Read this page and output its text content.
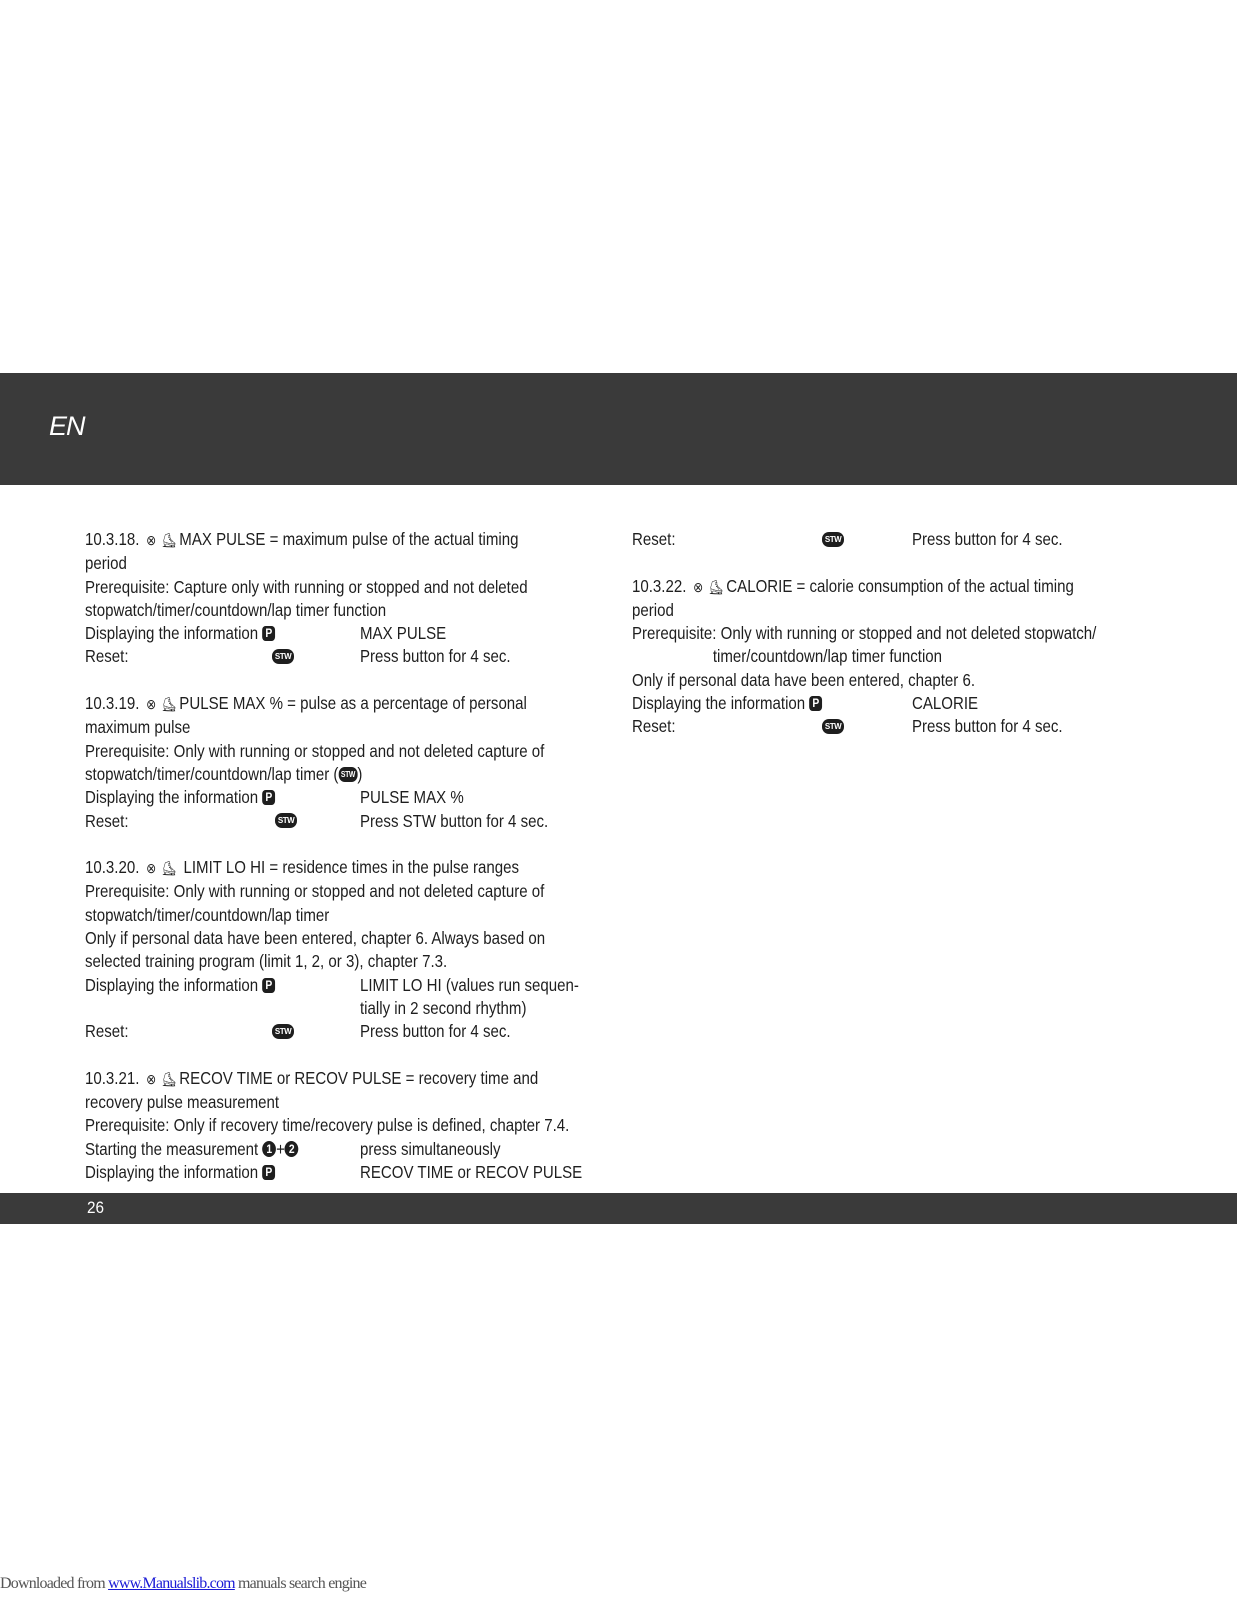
EN
10.3.18. ⊗ ⛸ MAX PULSE = maximum pulse of the actual timing
period
Prerequisite: Capture only with running or stopped and not deleted
stopwatch/timer/countdown/lap timer function
Displaying the information P	MAX PULSE
Reset:	STW	Press button for 4 sec.
10.3.19. ⊗ ⛸ PULSE MAX % = pulse as a percentage of personal
maximum pulse
Prerequisite: Only with running or stopped and not deleted capture of
stopwatch/timer/countdown/lap timer ( STW )
Displaying the information P	PULSE MAX %
Reset:	STW	Press STW button for 4 sec.
10.3.20. ⊗ ⛸ LIMIT LO HI = residence times in the pulse ranges
Prerequisite: Only with running or stopped and not deleted capture of
stopwatch/timer/countdown/lap timer
Only if personal data have been entered, chapter 6. Always based on
selected training program (limit 1, 2, or 3), chapter 7.3.
Displaying the information P	LIMIT LO HI (values run sequen-
tially in 2 second rhythm)
Reset:	STW	Press button for 4 sec.
10.3.21. ⊗ ⛸ RECOV TIME or RECOV PULSE = recovery time and
recovery pulse measurement
Prerequisite: Only if recovery time/recovery pulse is defined, chapter 7.4.
Starting the measurement 1 + 2	press simultaneously
Displaying the information P	RECOV TIME or RECOV PULSE
Reset:	STW	Press button for 4 sec.
10.3.22. ⊗ ⛸ CALORIE = calorie consumption of the actual timing
period
Prerequisite: Only with running or stopped and not deleted stopwatch/
timer/countdown/lap timer function
Only if personal data have been entered, chapter 6.
Displaying the information P	CALORIE
Reset:	STW	Press button for 4 sec.
26
Downloaded from www.Manualslib.com manuals search engine
